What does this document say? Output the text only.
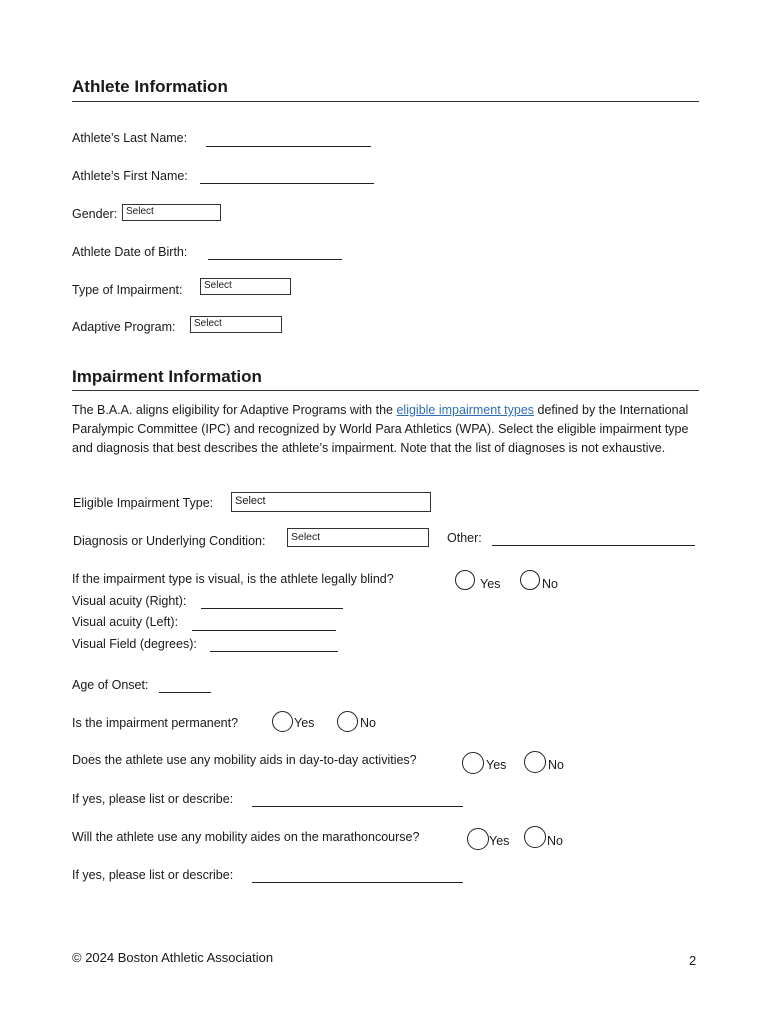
Athlete Information
Athlete’s Last Name:
Athlete’s First Name:
Gender: Select
Athlete Date of Birth:
Type of Impairment:	Select
Adaptive Program:	Select
Impairment Information
The B.A.A. aligns eligibility for Adaptive Programs with the eligible impairment types defined by the International Paralympic Committee (IPC) and recognized by World Para Athletics (WPA). Select the eligible impairment type and diagnosis that best describes the athlete’s impairment. Note that the list of diagnoses is not exhaustive.
Eligible Impairment Type:	Select
Diagnosis or Underlying Condition:	Select	Other:
If the impairment type is visual, is the athlete legally blind?	Yes	No
Visual acuity (Right):
Visual acuity (Left):
Visual Field (degrees):
Age of Onset:
Is the impairment permanent?	Yes	No
Does the athlete use any mobility aids in day-to-day activities?	Yes	No
If yes, please list or describe:
Will the athlete use any mobility aides on the marathoncourse?	Yes	No
If yes, please list or describe:
© 2024 Boston Athletic Association	2
